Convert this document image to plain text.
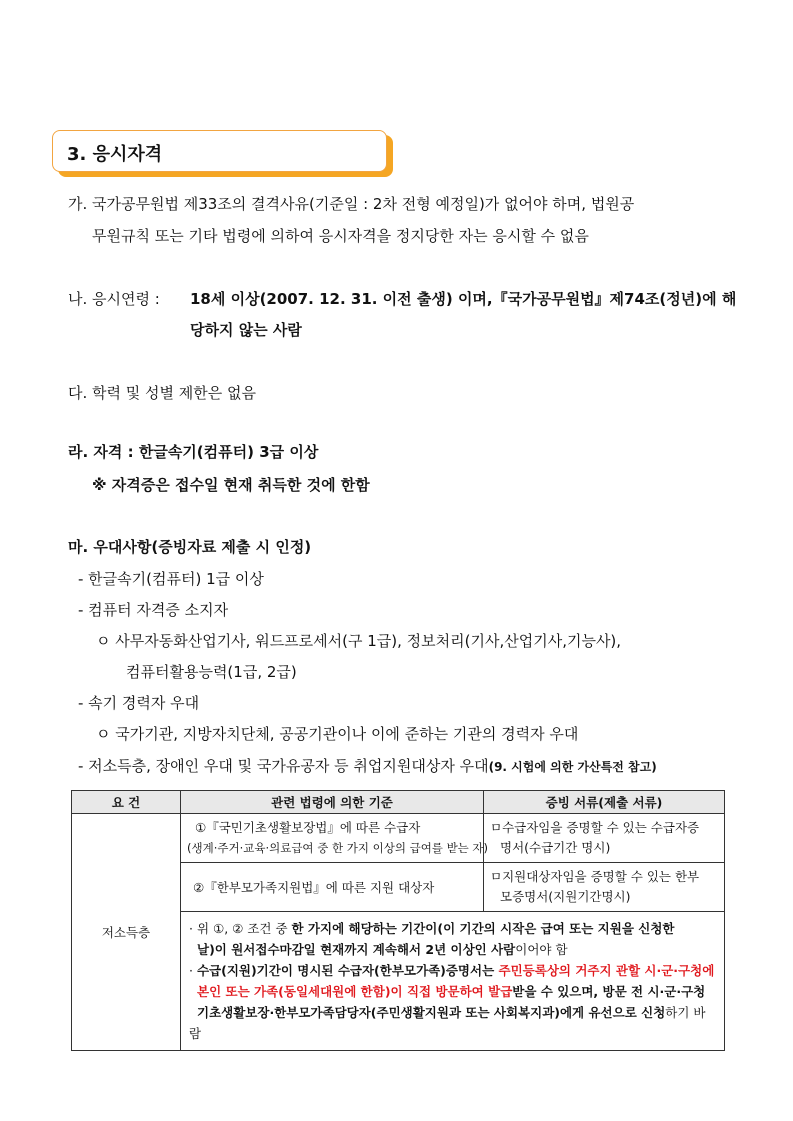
3. 응시자격
가. 국가공무원법 제33조의 결격사유(기준일 : 2차 전형 예정일)가 없어야 하며, 법원공
무원규칙 또는 기타 법령에 의하여 응시자격을 정지당한 자는 응시할 수 없음
나. 응시연령 : 18세 이상(2007. 12. 31. 이전 출생) 이며,『국가공무원법』제74조(정년)에 해
당하지 않는 사람
다. 학력 및 성별 제한은 없음
라. 자격 : 한글속기(컴퓨터) 3급 이상
※ 자격증은 접수일 현재 취득한 것에 한함
마. 우대사항(증빙자료 제출 시 인정)
- 한글속기(컴퓨터) 1급 이상
- 컴퓨터 자격증 소지자
ㅇ 사무자동화산업기사, 워드프로세서(구 1급), 정보처리(기사,산업기사,기능사),
컴퓨터활용능력(1급, 2급)
- 속기 경력자 우대
ㅇ 국가기관, 지방자치단체, 공공기관이나 이에 준하는 기관의 경력자 우대
- 저소득층, 장애인 우대 및 국가유공자 등 취업지원대상자 우대(9. 시험에 의한 가산특전 참고)
요 건	관련 법령에 의한 기준	증빙 서류(제출 서류)
저소득층	①『국민기초생활보장법』에 따른 수급자
(생계·주거·교육·의료급여 중 한 가지 이상의 급여를 받는 자)	ㅁ수급자임을 증명할 수 있는 수급자증
명서(수급기간 명시)

	②『한부모가족지원법』에 따른 지원 대상자	ㅁ지원대상자임을 증명할 수 있는 한부
모증명서(지원기간명시)

	· 위 ①, ② 조건 중 한 가지에 해당하는 기간이(이 기간의 시작은 급여 또는 지원을 신청한
날)이 원서접수마감일 현재까지 계속해서 2년 이상인 사람이어야 함
· 수급(지원)기간이 명시된 수급자(한부모가족)증명서는 주민등록상의 거주지 관할 시·군·구청에
본인 또는 가족(동일세대원에 한함)이 직접 방문하여 발급받을 수 있으며, 방문 전 시·군·구청
기초생활보장·한부모가족담당자(주민생활지원과 또는 사회복지과)에게 유선으로 신청하기 바람	
